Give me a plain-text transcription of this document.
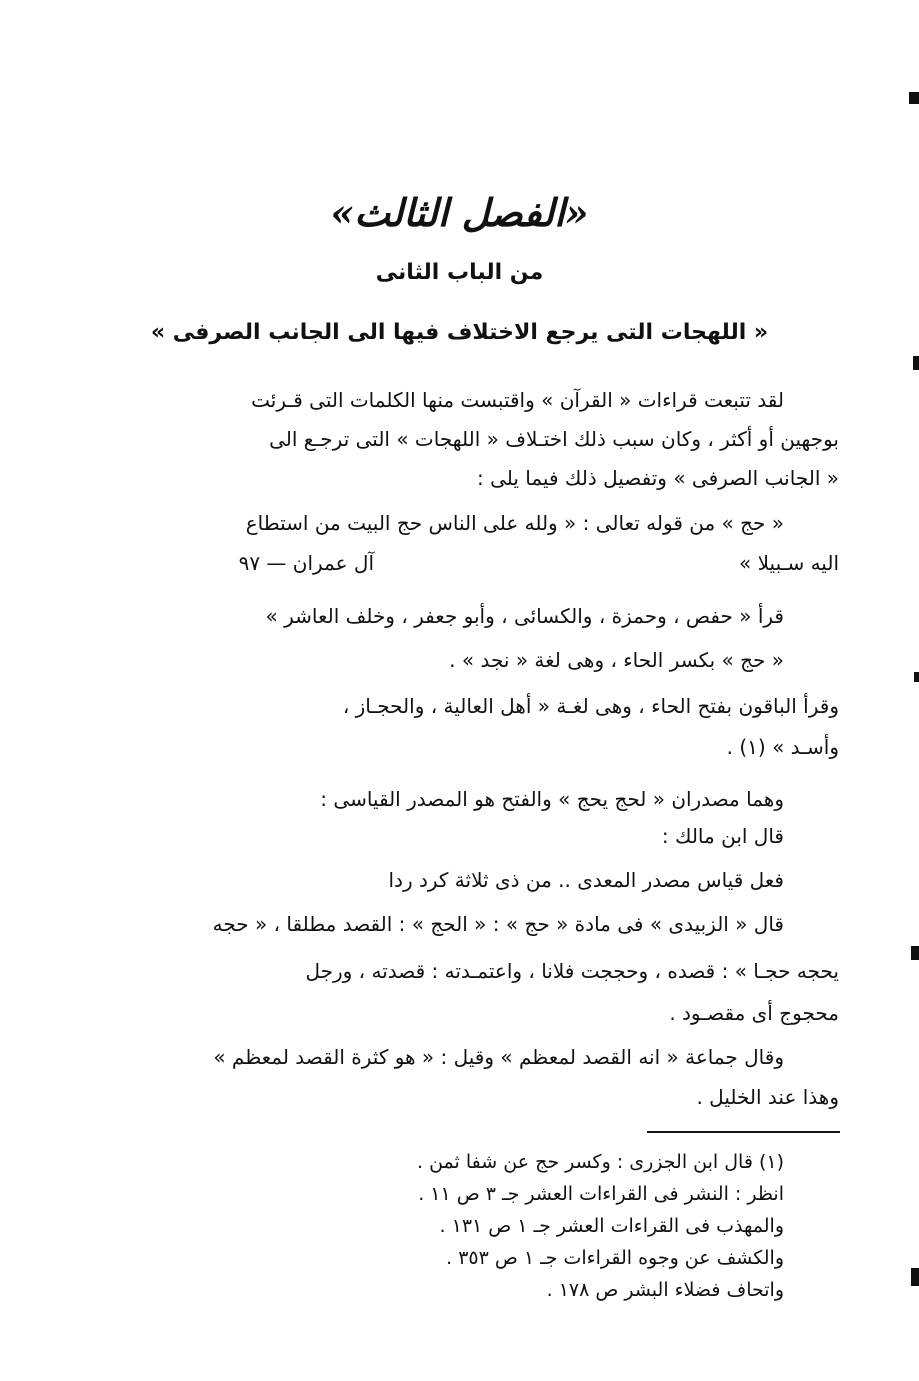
«الفصل الثالث»
من الباب الثانى
« اللهجات التى يرجع الاختلاف فيها الى الجانب الصرفى »
لقد تتبعت قراءات « القرآن » واقتبست منها الكلمات التى قـرئت
بوجهين أو أكثر ، وكان سبب ذلك اختـلاف « اللهجات » التى ترجـع الى
« الجانب الصرفى » وتفصيل ذلك فيما يلى :
« حج » من قوله تعالى : « ولله على الناس حج البيت من استطاع
اليه سـبيلا »
آل عمران — ٩٧
قرأ « حفص ، وحمزة ، والكسائى ، وأبو جعفر ، وخلف العاشر »
« حج » بكسر الحاء ، وهى لغة « نجد » .
وقرأ الباقون بفتح الحاء ، وهى لغـة « أهل العالية ، والحجـاز ،
وأسـد » (١) .
وهما مصدران « لحج يحج » والفتح هو المصدر القياسى :
قال ابن مالك :
فعل قياس مصدر المعدى .. من ذى ثلاثة كرد ردا
قال « الزبيدى » فى مادة « حج » : « الحج » : القصد مطلقا ، « حجه
يحجه حجـا » : قصده ، وحججت فلانا ، واعتمـدته : قصدته ، ورجل
محجوج أى مقصـود .
وقال جماعة « انه القصد لمعظم » وقيل : « هو كثرة القصد لمعظم »
وهذا عند الخليل .
(١) قال ابن الجزرى : وكسر حج عن شفا ثمن .
انظر : النشر فى القراءات العشر جـ ٣ ص ١١ .
والمهذب فى القراءات العشر جـ ١ ص ١٣١ .
والكشف عن وجوه القراءات جـ ١ ص ٣٥٣ .
واتحاف فضلاء البشر ص ١٧٨ .
